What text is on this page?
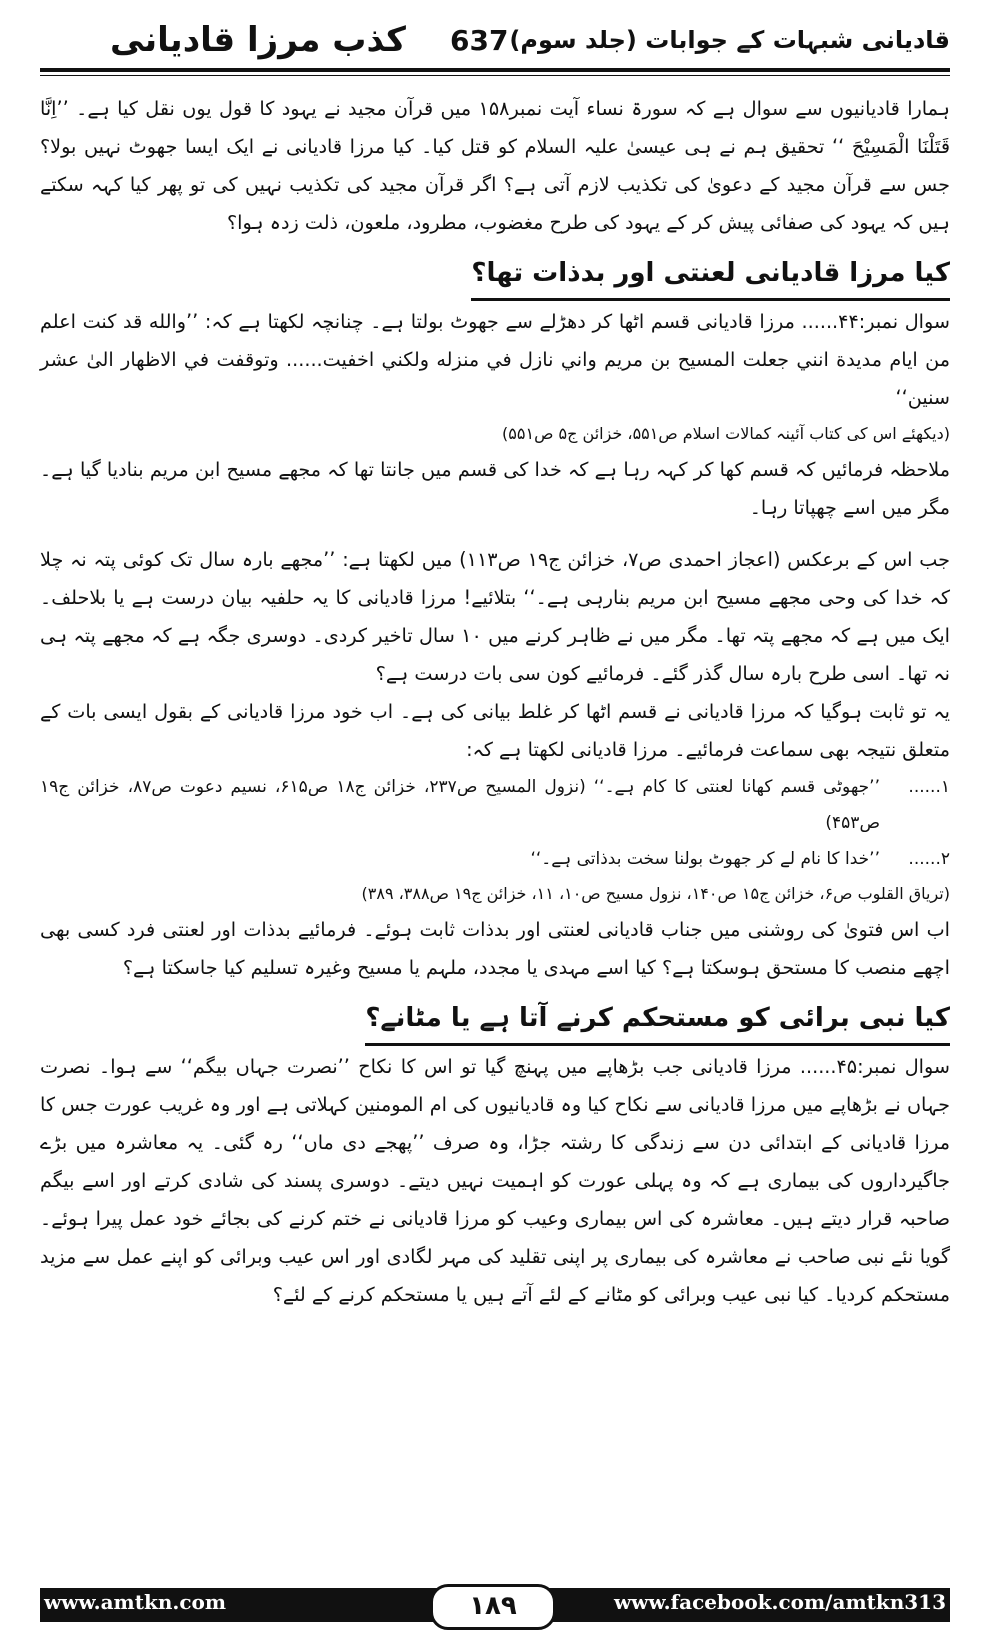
قادیانی شبہات کے جوابات (جلد سوم)
637
کذب مرزا قادیانی

ہمارا قادیانیوں سے سوال ہے کہ سورۃ نساء آیت نمبر۱۵۸ میں قرآن مجید نے یہود کا قول یوں نقل کیا ہے۔ ’’اِنَّا قَتَلْنَا الْمَسِیْحَ ‘‘ تحقیق ہم نے ہی عیسیٰ علیہ السلام کو قتل کیا۔ کیا مرزا قادیانی نے ایک ایسا جھوٹ نہیں بولا؟ جس سے قرآن مجید کے دعویٰ کی تکذیب لازم آتی ہے؟ اگر قرآن مجید کی تکذیب نہیں کی تو پھر کیا کہہ سکتے ہیں کہ یہود کی صفائی پیش کر کے یہود کی طرح مغضوب، مطرود، ملعون، ذلت زدہ ہوا؟

کیا مرزا قادیانی لعنتی اور بدذات تھا؟

سوال نمبر:۴۴...... مرزا قادیانی قسم اٹھا کر دھڑلے سے جھوٹ بولتا ہے۔ چنانچہ لکھتا ہے کہ: ’’والله قد كنت اعلم من ايام مديدة انني جعلت المسيح بن مريم واني نازل في منزله ولكني اخفيت...... وتوقفت في الاظهار الىٰ عشر سنين‘‘

(دیکھئے اس کی کتاب آئینہ کمالات اسلام ص۵۵۱، خزائن ج۵ ص۵۵۱)

ملاحظہ فرمائیں کہ قسم کھا کر کہہ رہا ہے کہ خدا کی قسم میں جانتا تھا کہ مجھے مسیح ابن مریم بنادیا گیا ہے۔ مگر میں اسے چھپاتا رہا۔

جب اس کے برعکس (اعجاز احمدی ص۷، خزائن ج۱۹ ص۱۱۳) میں لکھتا ہے: ’’مجھے بارہ سال تک کوئی پتہ نہ چلا کہ خدا کی وحی مجھے مسیح ابن مریم بنارہی ہے۔‘‘ بتلائیے! مرزا قادیانی کا یہ حلفیہ بیان درست ہے یا بلاحلف۔ ایک میں ہے کہ مجھے پتہ تھا۔ مگر میں نے ظاہر کرنے میں ۱۰ سال تاخیر کردی۔ دوسری جگہ ہے کہ مجھے پتہ ہی نہ تھا۔ اسی طرح بارہ سال گذر گئے۔ فرمائیے کون سی بات درست ہے؟

یہ تو ثابت ہوگیا کہ مرزا قادیانی نے قسم اٹھا کر غلط بیانی کی ہے۔ اب خود مرزا قادیانی کے بقول ایسی بات کے متعلق نتیجہ بھی سماعت فرمائیے۔ مرزا قادیانی لکھتا ہے کہ:

۱......
’’جھوٹی قسم کھانا لعنتی کا کام ہے۔‘‘ (نزول المسیح ص۲۳۷، خزائن ج۱۸ ص۶۱۵، نسیم دعوت ص۸۷، خزائن ج۱۹ ص۴۵۳)

۲......
’’خدا کا نام لے کر جھوٹ بولنا سخت بدذاتی ہے۔‘‘

(تریاق القلوب ص۶، خزائن ج۱۵ ص۱۴۰، نزول مسیح ص۱۰، ۱۱، خزائن ج۱۹ ص۳۸۸، ۳۸۹)

اب اس فتویٰ کی روشنی میں جناب قادیانی لعنتی اور بدذات ثابت ہوئے۔ فرمائیے بدذات اور لعنتی فرد کسی بھی اچھے منصب کا مستحق ہوسکتا ہے؟ کیا اسے مہدی یا مجدد، ملہم یا مسیح وغیرہ تسلیم کیا جاسکتا ہے؟

کیا نبی برائی کو مستحکم کرنے آتا ہے یا مٹانے؟

سوال نمبر:۴۵...... مرزا قادیانی جب بڑھاپے میں پہنچ گیا تو اس کا نکاح ’’نصرت جہاں بیگم‘‘ سے ہوا۔ نصرت جہاں نے بڑھاپے میں مرزا قادیانی سے نکاح کیا وہ قادیانیوں کی ام المومنین کہلاتی ہے اور وہ غریب عورت جس کا مرزا قادیانی کے ابتدائی دن سے زندگی کا رشتہ جڑا، وہ صرف ’’پھجے دی ماں‘‘ رہ گئی۔ یہ معاشرہ میں بڑے جاگیرداروں کی بیماری ہے کہ وہ پہلی عورت کو اہمیت نہیں دیتے۔ دوسری پسند کی شادی کرتے اور اسے بیگم صاحبہ قرار دیتے ہیں۔ معاشرہ کی اس بیماری وعیب کو مرزا قادیانی نے ختم کرنے کی بجائے خود عمل پیرا ہوئے۔ گویا نئے نبی صاحب نے معاشرہ کی بیماری پر اپنی تقلید کی مہر لگادی اور اس عیب وبرائی کو اپنے عمل سے مزید مستحکم کردیا۔ کیا نبی عیب وبرائی کو مٹانے کے لئے آتے ہیں یا مستحکم کرنے کے لئے؟

www.amtkn.com	۱۸۹	www.facebook.com/amtkn313
